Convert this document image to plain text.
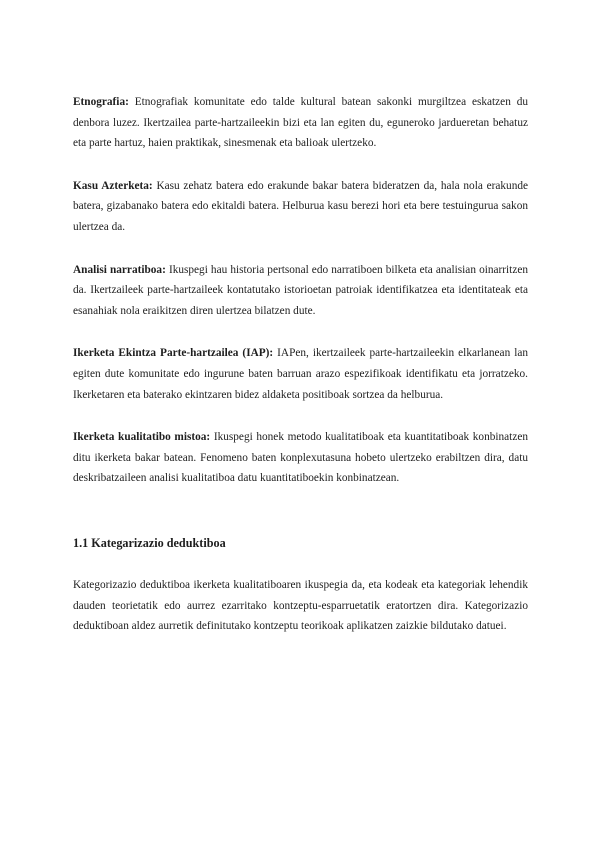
Etnografia: Etnografiak komunitate edo talde kultural batean sakonki murgiltzea eskatzen du denbora luzez. Ikertzailea parte-hartzaileekin bizi eta lan egiten du, eguneroko jardueretan behatuz eta parte hartuz, haien praktikak, sinesmenak eta balioak ulertzeko.

Kasu Azterketa: Kasu zehatz batera edo erakunde bakar batera bideratzen da, hala nola erakunde batera, gizabanako batera edo ekitaldi batera. Helburua kasu berezi hori eta bere testuingurua sakon ulertzea da.

Analisi narratiboa: Ikuspegi hau historia pertsonal edo narratiboen bilketa eta analisian oinarritzen da. Ikertzaileek parte-hartzaileek kontatutako istorioetan patroiak identifikatzea eta identitateak eta esanahiak nola eraikitzen diren ulertzea bilatzen dute.

Ikerketa Ekintza Parte-hartzailea (IAP): IAPen, ikertzaileek parte-hartzaileekin elkarlanean lan egiten dute komunitate edo ingurune baten barruan arazo espezifikoak identifikatu eta jorratzeko. Ikerketaren eta baterako ekintzaren bidez aldaketa positiboak sortzea da helburua.

Ikerketa kualitatibo mistoa: Ikuspegi honek metodo kualitatiboak eta kuantitatiboak konbinatzen ditu ikerketa bakar batean. Fenomeno baten konplexutasuna hobeto ulertzeko erabiltzen dira, datu deskribatzaileen analisi kualitatiboa datu kuantitatiboekin konbinatzean.

1.1 Kategarizazio deduktiboa

Kategorizazio deduktiboa ikerketa kualitatiboaren ikuspegia da, eta kodeak eta kategoriak lehendik dauden teorietatik edo aurrez ezarritako kontzeptu-esparruetatik eratortzen dira. Kategorizazio deduktiboan aldez aurretik definitutako kontzeptu teorikoak aplikatzen zaizkie bildutako datuei.
